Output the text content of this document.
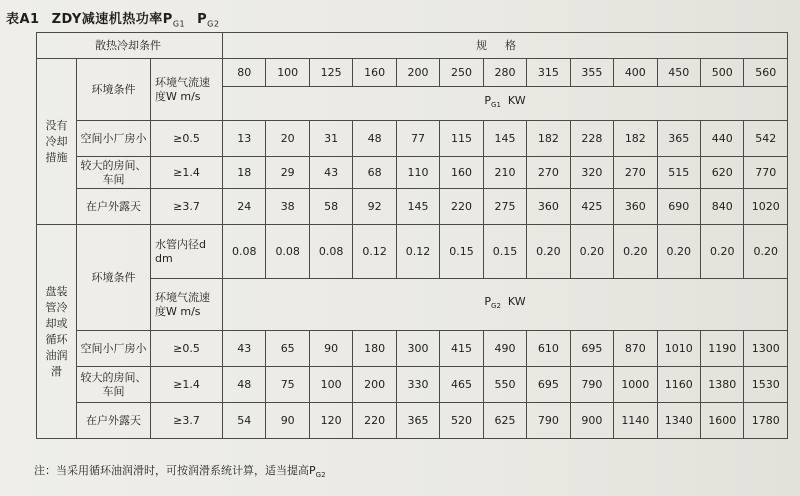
表A1 ZDY减速机热功率$P_{G1}$ $P_{G2}$
散热冷却条件			规格												

没有冷却措施	环境条件	环境气流速度W m/s	80	100	125	160	200	250	280	315	355	400	450	500	560
			$P_{G1}$ KW												
	空间小厂房小	≥0.5	13	20	31	48	77	115	145	182	228	182	365	440	542
	较大的房间、车间	≥1.4	18	29	43	68	110	160	210	270	320	270	515	620	770
	在户外露天	≥3.7	24	38	58	92	145	220	275	360	425	360	690	840	1020

盘装管冷却或循环油润滑	环境条件	水管内径d dm	0.08	0.08	0.08	0.12	0.12	0.15	0.15	0.20	0.20	0.20	0.20	0.20	0.20
		环境气流速度W m/s	$P_{G2}$ KW												
	空间小厂房小	≥0.5	43	65	90	180	300	415	490	610	695	870	1010	1190	1300
	较大的房间、车间	≥1.4	48	75	100	200	330	465	550	695	790	1000	1160	1380	1530
	在户外露天	≥3.7	54	90	120	220	365	520	625	790	900	1140	1340	1600	1780
注：当采用循环油润滑时，可按润滑系统计算，适当提高$P_{G2}$
